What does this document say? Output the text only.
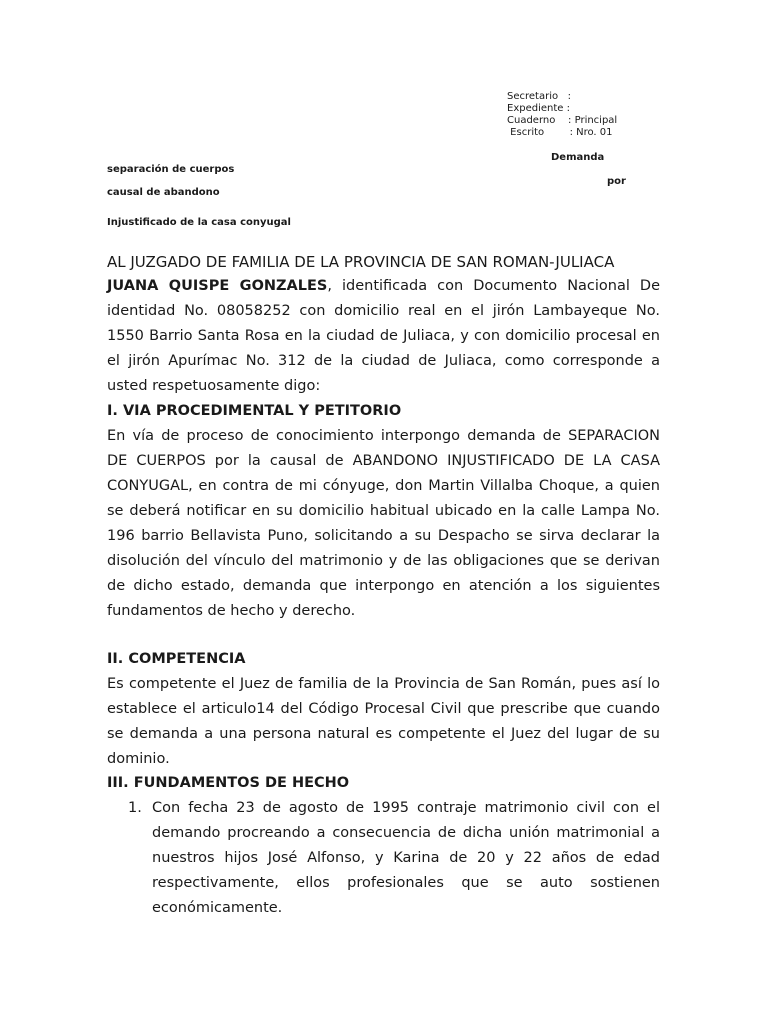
Secretario   :
Expediente :
Cuaderno    : Principal
Escrito        : Nro. 01
Demanda
separación de cuerpos
por
causal de abandono
Injustificado de la casa conyugal
AL JUZGADO DE FAMILIA DE LA PROVINCIA DE SAN ROMAN-JULIACA

JUANA QUISPE GONZALES, identificada con Documento Nacional De identidad No. 08058252 con domicilio real en el jirón Lambayeque No. 1550 Barrio Santa Rosa en la ciudad de Juliaca, y con domicilio procesal en el jirón Apurímac No. 312 de la ciudad de Juliaca, como corresponde a usted respetuosamente digo:

I. VIA PROCEDIMENTAL Y PETITORIO

En vía de proceso de conocimiento interpongo demanda de SEPARACION DE CUERPOS por la causal de ABANDONO INJUSTIFICADO DE LA CASA CONYUGAL, en contra de mi cónyuge, don Martin Villalba Choque, a quien se deberá notificar en su domicilio habitual ubicado en la calle Lampa No. 196 barrio Bellavista Puno, solicitando a su Despacho se sirva declarar la disolución del vínculo del matrimonio y de las obligaciones que se derivan de dicho estado, demanda que interpongo en atención a los siguientes fundamentos de hecho y derecho.

II. COMPETENCIA

Es competente el Juez de familia de la Provincia de San Román, pues así lo establece el articulo14 del Código Procesal Civil que prescribe que cuando se demanda a una persona natural es competente el Juez del lugar de su dominio.

III. FUNDAMENTOS DE HECHO
1. Con fecha 23 de agosto de 1995 contraje matrimonio civil con el demando procreando a consecuencia de dicha unión matrimonial a nuestros hijos José Alfonso, y Karina de 20 y 22 años de edad respectivamente, ellos profesionales que se auto sostienen económicamente.
